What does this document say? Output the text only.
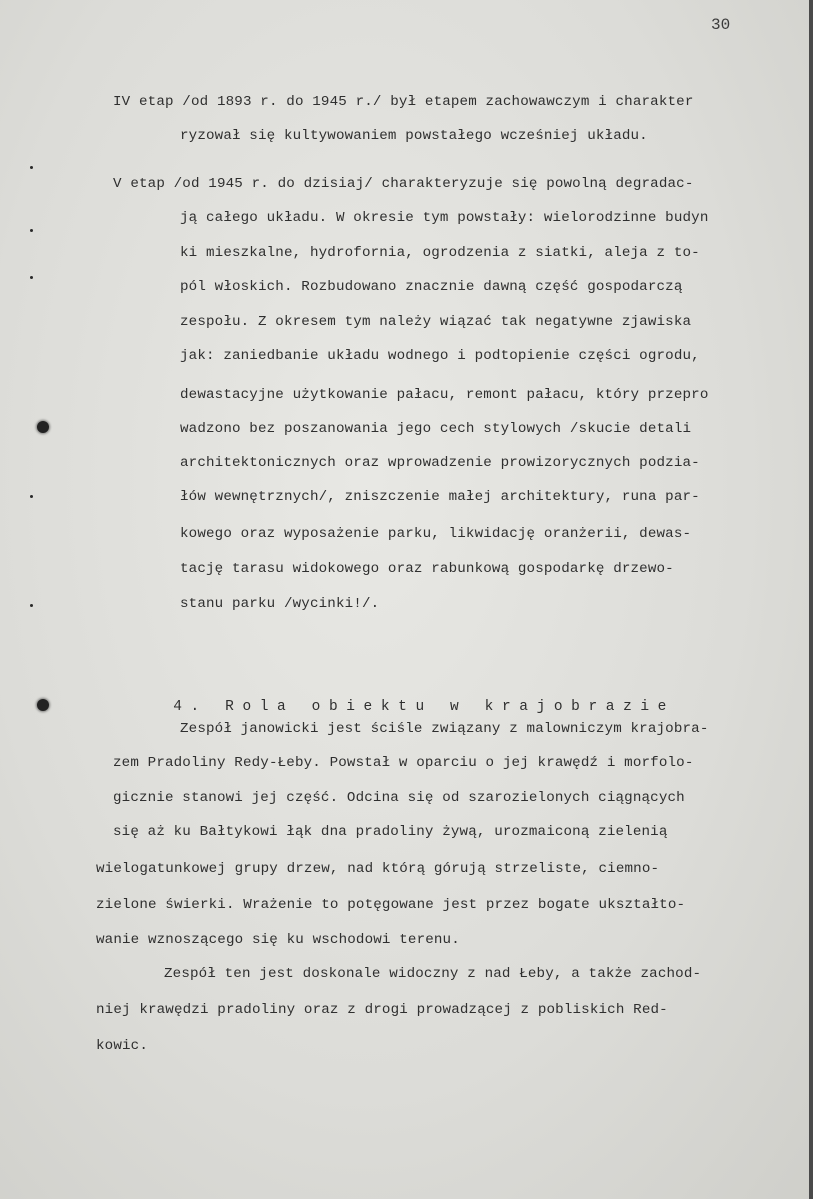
30
IV etap /od 1893 r. do 1945 r./ był etapem zachowawczym i charakter
ryzował się kultywowaniem powstałego wcześniej układu.
V etap /od 1945 r. do dzisiaj/ charakteryzuje się powolną degradac-
ją całego układu. W okresie tym powstały: wielorodzinne budyn
ki mieszkalne, hydrofornia, ogrodzenia z siatki, aleja z to-
pól włoskich. Rozbudowano znacznie dawną część gospodarczą
zespołu. Z okresem tym należy wiązać tak negatywne zjawiska
jak: zaniedbanie układu wodnego i podtopienie części ogrodu,
dewastacyjne użytkowanie pałacu, remont pałacu, który przepro
wadzono bez poszanowania jego cech stylowych /skucie detali
architektonicznych oraz wprowadzenie prowizorycznych podzia-
łów wewnętrznych/, zniszczenie małej architektury, runa par-
kowego oraz wyposażenie parku, likwidację oranżerii, dewas-
tację tarasu widokowego oraz rabunkową gospodarkę drzewo-
stanu parku /wycinki!/.

4. Rola obiektu w krajobrazie

Zespół janowicki jest ściśle związany z malowniczym krajobra-
zem Pradoliny Redy-Łeby. Powstał w oparciu o jej krawędź i morfolo-
gicznie stanowi jej część. Odcina się od szarozielonych ciągnących
się aż ku Bałtykowi łąk dna pradoliny żywą, urozmaiconą zielenią
wielogatunkowej grupy drzew, nad którą górują strzeliste, ciemno-
zielone świerki. Wrażenie to potęgowane jest przez bogate ukształto-
wanie wznoszącego się ku wschodowi terenu.
Zespół ten jest doskonale widoczny z nad Łeby, a także zachod-
niej krawędzi pradoliny oraz z drogi prowadzącej z pobliskich Red-
kowic.
